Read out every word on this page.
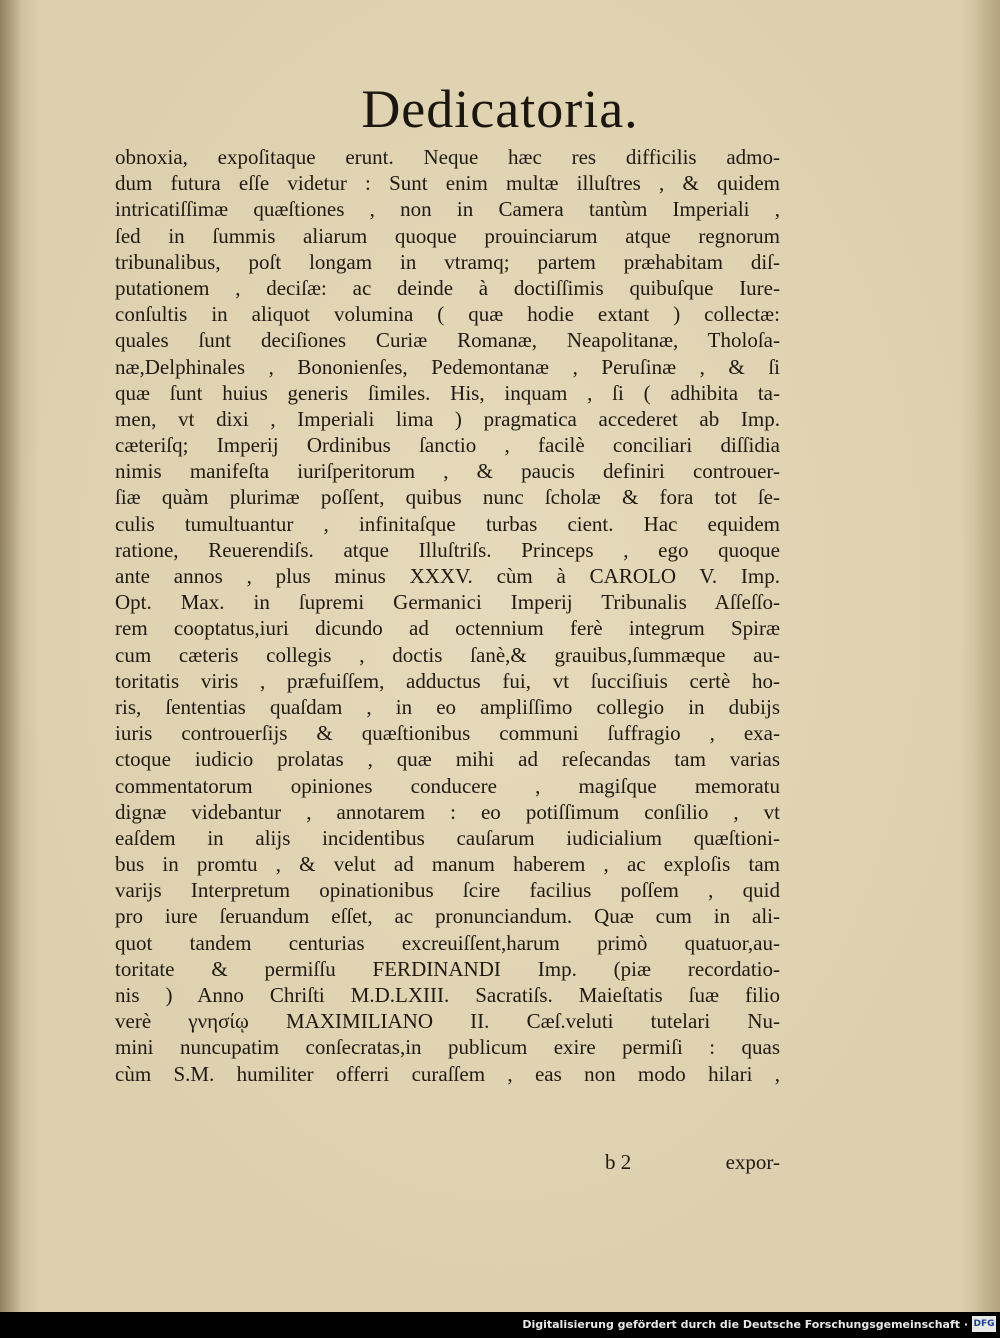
Dedicatoria.
obnoxia, expoſitaque erunt. Neque hæc res difficilis admo-
dum futura eſſe videtur : Sunt enim multæ illuſtres , & quidem
intricatiſſimæ quæſtiones , non in Camera tantùm Imperiali ,
ſed in ſummis aliarum quoque prouinciarum atque regnorum
tribunalibus, poſt longam in vtramq; partem præhabitam diſ-
putationem , deciſæ: ac deinde à doctiſſimis quibuſque Iure-
conſultis in aliquot volumina ( quæ hodie extant ) collectæ:
quales ſunt deciſiones Curiæ Romanæ, Neapolitanæ, Tholoſa-
næ,Delphinales , Bononienſes, Pedemontanæ , Peruſinæ , & ſi
quæ ſunt huius generis ſimiles. His, inquam , ſi ( adhibita ta-
men, vt dixi , Imperiali lima ) pragmatica accederet ab Imp.
cæteriſq; Imperij Ordinibus ſanctio , facilè conciliari diſſidia
nimis manifeſta iuriſperitorum , & paucis definiri controuer-
ſiæ quàm plurimæ poſſent, quibus nunc ſcholæ & fora tot ſe-
culis tumultuantur , infinitaſque turbas cient. Hac equidem
ratione, Reuerendiſs. atque Illuſtriſs. Princeps , ego quoque
ante annos , plus minus XXXV. cùm à CAROLO V. Imp.
Opt. Max. in ſupremi Germanici Imperij Tribunalis Aſſeſſo-
rem cooptatus,iuri dicundo ad octennium ferè integrum Spiræ
cum cæteris collegis , doctis ſanè,& grauibus,ſummæque au-
toritatis viris , præfuiſſem, adductus fui, vt ſucciſiuis certè ho-
ris, ſententias quaſdam , in eo ampliſſimo collegio in dubijs
iuris controuerſijs & quæſtionibus communi ſuffragio , exa-
ctoque iudicio prolatas , quæ mihi ad reſecandas tam varias
commentatorum opiniones conducere , magiſque memoratu
dignæ videbantur , annotarem : eo potiſſimum conſilio , vt
eaſdem in alijs incidentibus cauſarum iudicialium quæſtioni-
bus in promtu , & velut ad manum haberem , ac exploſis tam
varijs Interpretum opinationibus ſcire facilius poſſem , quid
pro iure ſeruandum eſſet, ac pronunciandum. Quæ cum in ali-
quot tandem centurias excreuiſſent,harum primò quatuor,au-
toritate & permiſſu FERDINANDI Imp. (piæ recordatio-
nis ) Anno Chriſti M.D.LXIII. Sacratiſs. Maieſtatis ſuæ filio
verè γνησίῳ MAXIMILIANO II. Cæſ.veluti tutelari Nu-
mini nuncupatim conſecratas,in publicum exire permiſi : quas
cùm S.M. humiliter offerri curaſſem , eas non modo hilari ,
b 2	expor-
Digitalisierung gefördert durch die Deutsche Forschungsgemeinschaft · DFG
